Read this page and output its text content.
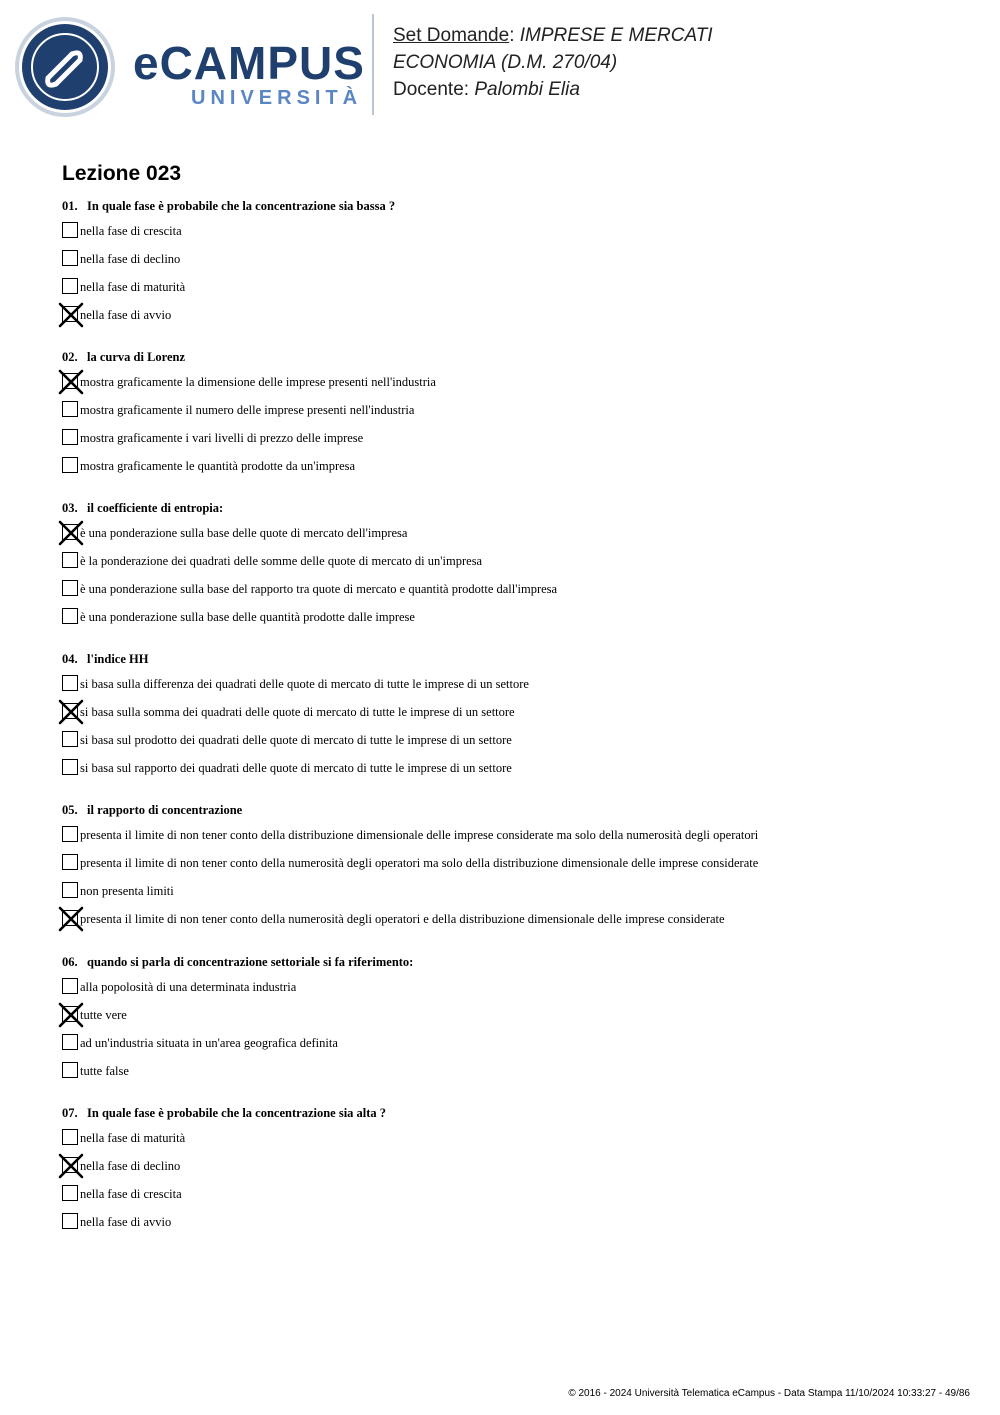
eCAMPUS
UNIVERSITÀ
Set Domande: IMPRESE E MERCATI
ECONOMIA (D.M. 270/04)
Docente: Palombi Elia
Lezione 023
01. In quale fase è probabile che la concentrazione sia bassa ?
nella fase di crescita
nella fase di declino
nella fase di maturità
nella fase di avvio
02. la curva di Lorenz
mostra graficamente la dimensione delle imprese presenti nell'industria
mostra graficamente il numero delle imprese presenti nell'industria
mostra graficamente i vari livelli di prezzo delle imprese
mostra graficamente le quantità prodotte da un'impresa
03. il coefficiente di entropia:
è una ponderazione sulla base delle quote di mercato dell'impresa
è la ponderazione dei quadrati delle somme delle quote di mercato di un'impresa
è una ponderazione sulla base del rapporto tra quote di mercato e quantità prodotte dall'impresa
è una ponderazione sulla base delle quantità prodotte dalle imprese
04. l'indice HH
si basa sulla differenza dei quadrati delle quote di mercato di tutte le imprese di un settore
si basa sulla somma dei quadrati delle quote di mercato di tutte le imprese di un settore
si basa sul prodotto dei quadrati delle quote di mercato di tutte le imprese di un settore
si basa sul rapporto dei quadrati delle quote di mercato di tutte le imprese di un settore
05. il rapporto di concentrazione
presenta il limite di non tener conto della distribuzione dimensionale delle imprese considerate ma solo della numerosità degli operatori
presenta il limite di non tener conto della numerosità degli operatori ma solo della distribuzione dimensionale delle imprese considerate
non presenta limiti
presenta il limite di non tener conto della numerosità degli operatori e della distribuzione dimensionale delle imprese considerate
06. quando si parla di concentrazione settoriale si fa riferimento:
alla popolosità di una determinata industria
tutte vere
ad un'industria situata in un'area geografica definita
tutte false
07. In quale fase è probabile che la concentrazione sia alta ?
nella fase di maturità
nella fase di declino
nella fase di crescita
nella fase di avvio
© 2016 - 2024 Università Telematica eCampus - Data Stampa 11/10/2024 10:33:27 - 49/86
